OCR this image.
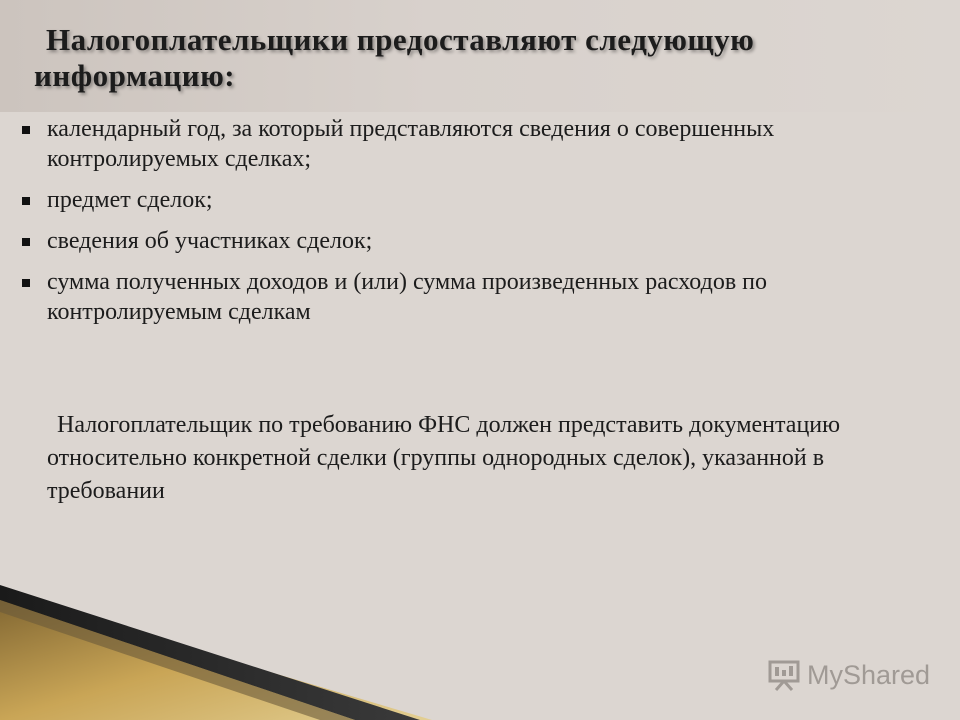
Налогоплательщики предоставляют следующую
информацию:
календарный год, за который представляются сведения о совершенных контролируемых сделках;
предмет сделок;
сведения об участниках сделок;
сумма полученных доходов и (или) сумма произведенных расходов по контролируемым сделкам
Налогоплательщик по требованию ФНС должен представить документацию относительно конкретной сделки (группы однородных сделок), указанной в требовании
MyShared
